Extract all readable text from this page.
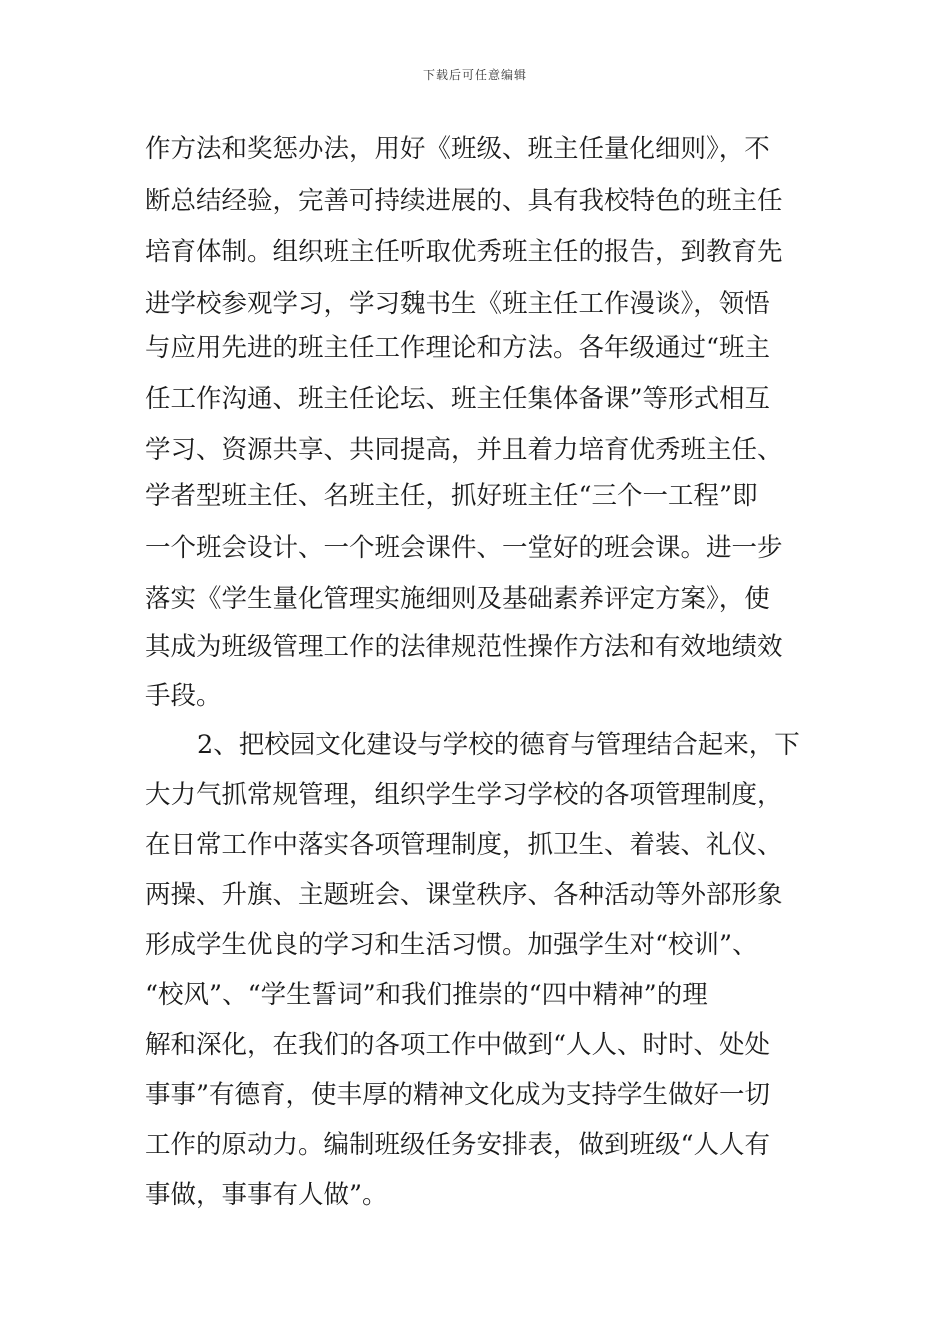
下载后可任意编辑
作方法和奖惩办法，用好《班级、班主任量化细则》，不
断总结经验，完善可持续进展的、具有我校特色的班主任
培育体制。组织班主任听取优秀班主任的报告，到教育先
进学校参观学习，学习魏书生《班主任工作漫谈》，领悟
与应用先进的班主任工作理论和方法。各年级通过“班主
任工作沟通、班主任论坛、班主任集体备课”等形式相互
学习、资源共享、共同提高，并且着力培育优秀班主任、
学者型班主任、名班主任，抓好班主任“三个一工程”即
一个班会设计、一个班会课件、一堂好的班会课。进一步
落实《学生量化管理实施细则及基础素养评定方案》，使
其成为班级管理工作的法律规范性操作方法和有效地绩效
手段。
2、把校园文化建设与学校的德育与管理结合起来，下
大力气抓常规管理，组织学生学习学校的各项管理制度，
在日常工作中落实各项管理制度，抓卫生、着装、礼仪、
两操、升旗、主题班会、课堂秩序、各种活动等外部形象
形成学生优良的学习和生活习惯。加强学生对“校训”、
“校风”、“学生誓词”和我们推崇的“四中精神”的理
解和深化，在我们的各项工作中做到“人人、时时、处处
事事”有德育，使丰厚的精神文化成为支持学生做好一切
工作的原动力。编制班级任务安排表，做到班级“人人有
事做，事事有人做”。
